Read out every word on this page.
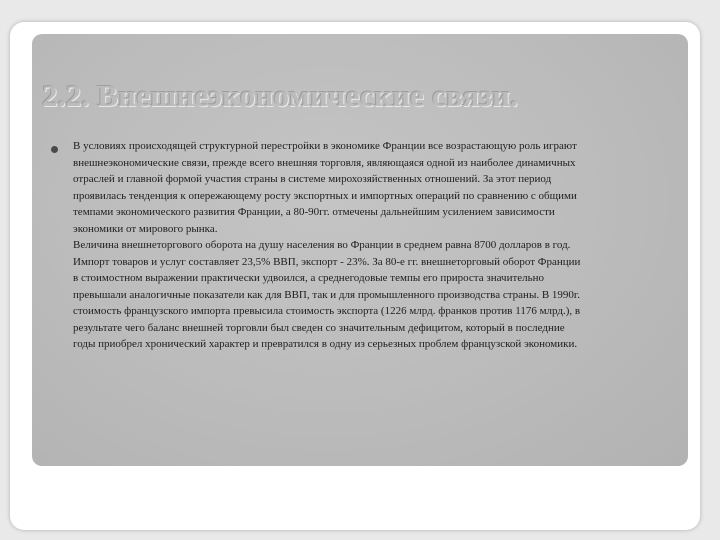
2.2. Внешнеэкономические связи.

В условиях происходящей структурной перестройки в экономике Франции все возрастающую роль играют
внешнеэкономические связи, прежде всего внешняя торговля, являющаяся одной из наиболее динамичных
отраслей и главной формой участия страны в системе мирохозяйственных отношений. За этот период
проявилась тенденция к опережающему росту экспортных и импортных операций по сравнению с общими
темпами экономического развития Франции, а 80-90гг. отмечены дальнейшим усилением зависимости
экономики от мирового рынка.
Величина внешнеторгового оборота на душу населения во Франции в среднем равна 8700 долларов в год.
Импорт товаров и услуг составляет 23,5% ВВП, экспорт - 23%. За 80-е гг. внешнеторговый оборот Франции
в стоимостном выражении практически удвоился, а среднегодовые темпы его прироста значительно
превышали аналогичные показатели как для ВВП, так и для промышленного производства страны. В 1990г.
стоимость французского импорта превысила стоимость экспорта (1226 млрд. франков против 1176 млрд.), в
результате чего баланс внешней торговли был сведен со значительным дефицитом, который в последние
годы приобрел хронический характер и превратился в одну из серьезных проблем французской экономики.
